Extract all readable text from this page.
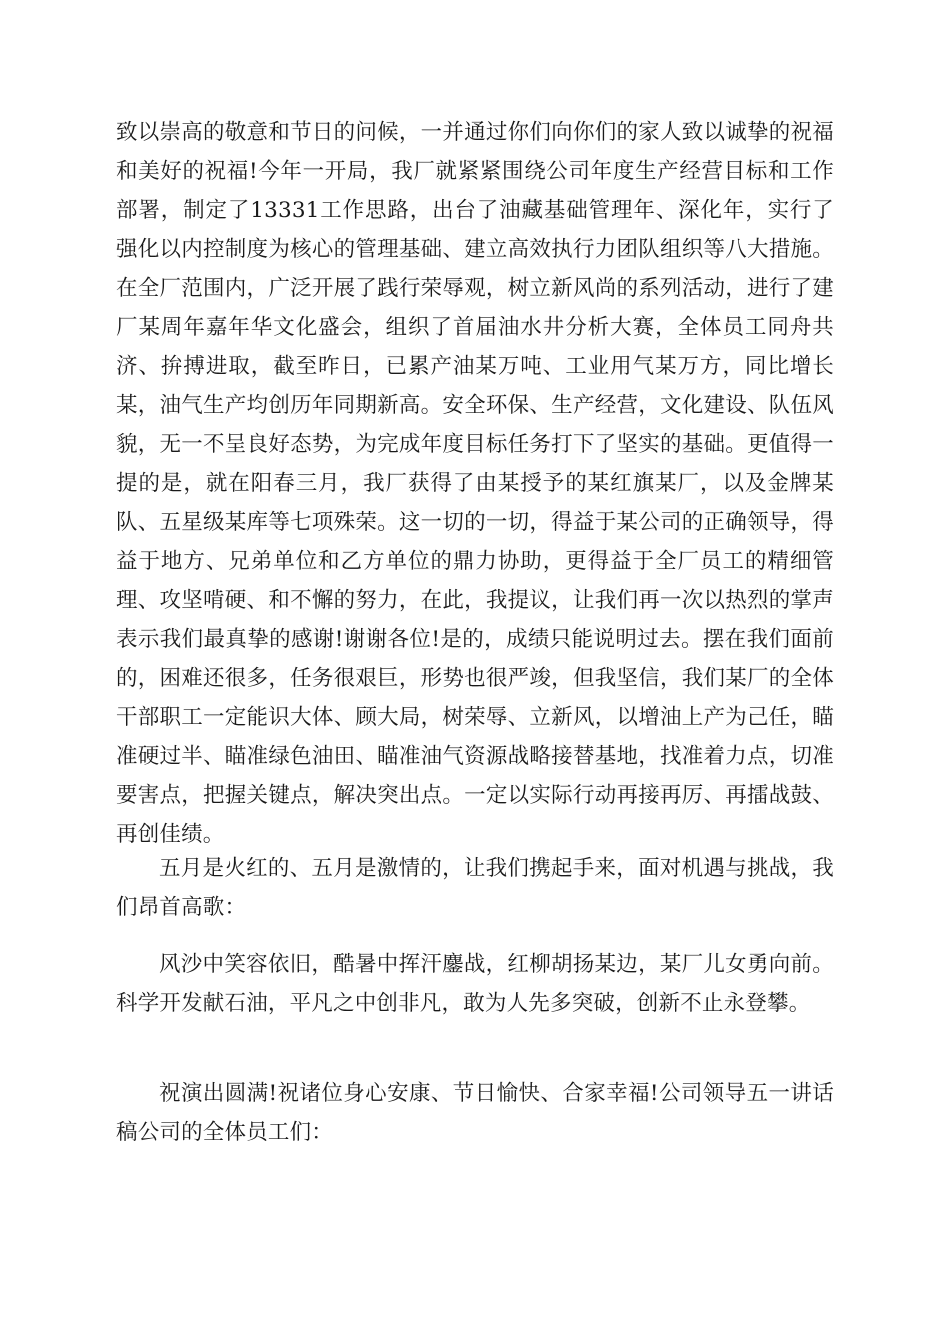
致以崇高的敬意和节日的问候，一并通过你们向你们的家人致以诚挚的祝福和美好的祝福!今年一开局，我厂就紧紧围绕公司年度生产经营目标和工作部署，制定了13331工作思路，出台了油藏基础管理年、深化年，实行了强化以内控制度为核心的管理基础、建立高效执行力团队组织等八大措施。在全厂范围内，广泛开展了践行荣辱观，树立新风尚的系列活动，进行了建厂某周年嘉年华文化盛会，组织了首届油水井分析大赛，全体员工同舟共济、拚搏进取，截至昨日，已累产油某万吨、工业用气某万方，同比增长某，油气生产均创历年同期新高。安全环保、生产经营，文化建设、队伍风貌，无一不呈良好态势，为完成年度目标任务打下了坚实的基础。更值得一提的是，就在阳春三月，我厂获得了由某授予的某红旗某厂，以及金牌某队、五星级某库等七项殊荣。这一切的一切，得益于某公司的正确领导，得益于地方、兄弟单位和乙方单位的鼎力协助，更得益于全厂员工的精细管理、攻坚啃硬、和不懈的努力，在此，我提议，让我们再一次以热烈的掌声表示我们最真挚的感谢!谢谢各位!是的，成绩只能说明过去。摆在我们面前的，困难还很多，任务很艰巨，形势也很严竣，但我坚信，我们某厂的全体干部职工一定能识大体、顾大局，树荣辱、立新风，以增油上产为己任，瞄准硬过半、瞄准绿色油田、瞄准油气资源战略接替基地，找准着力点，切准要害点，把握关键点，解决突出点。一定以实际行动再接再厉、再擂战鼓、再创佳绩。

五月是火红的、五月是激情的，让我们携起手来，面对机遇与挑战，我们昂首高歌：

风沙中笑容依旧，酷暑中挥汗鏖战，红柳胡扬某边，某厂儿女勇向前。科学开发献石油，平凡之中创非凡，敢为人先多突破，创新不止永登攀。

祝演出圆满!祝诸位身心安康、节日愉快、合家幸福!公司领导五一讲话稿公司的全体员工们：
